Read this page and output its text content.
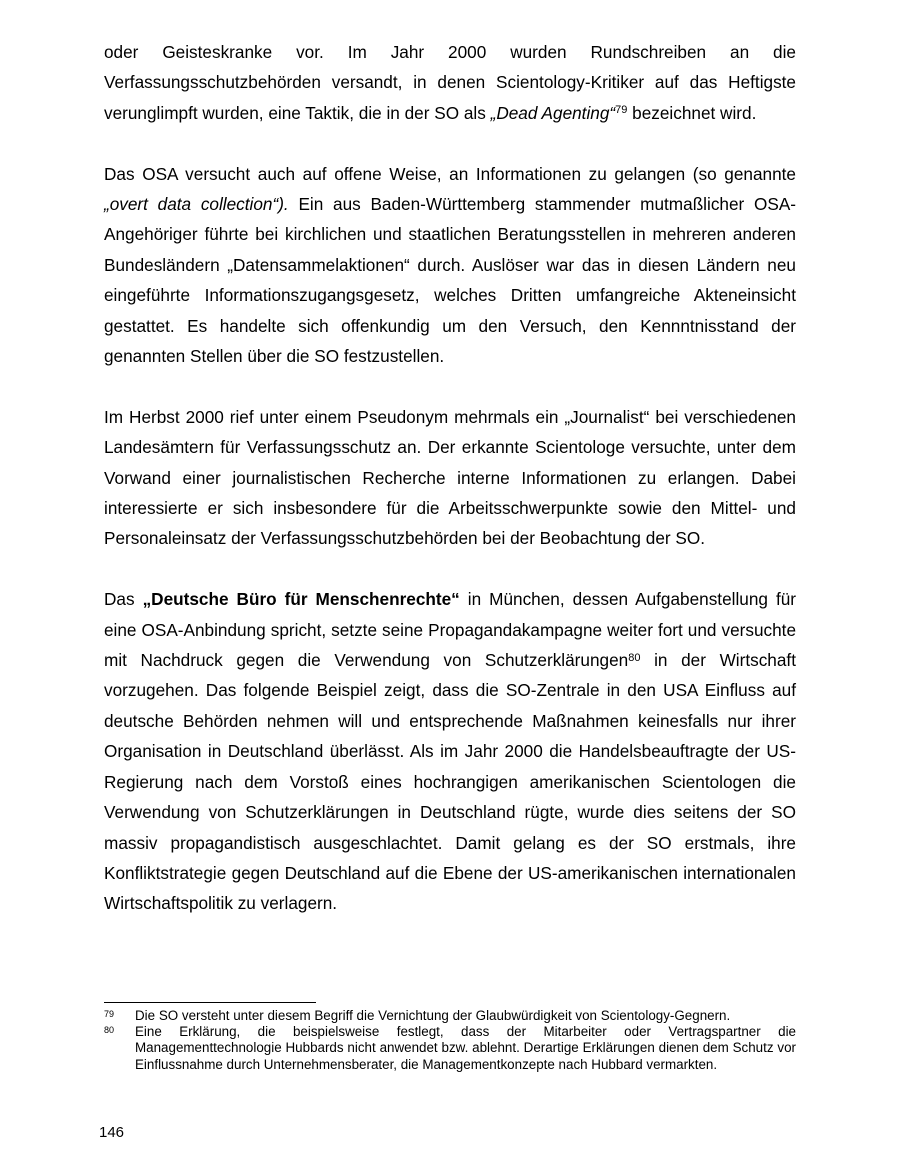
oder Geisteskranke vor. Im Jahr 2000 wurden Rundschreiben an die Verfassungsschutzbehörden versandt, in denen Scientology-Kritiker auf das Heftigste verunglimpft wurden, eine Taktik, die in der SO als „Dead Agenting“$^{79}$ bezeichnet wird.

Das OSA versucht auch auf offene Weise, an Informationen zu gelangen (so genannte „overt data collection“). Ein aus Baden-Württemberg stammender mutmaßlicher OSA-Angehöriger führte bei kirchlichen und staatlichen Beratungsstellen in mehreren anderen Bundesländern „Datensammelaktionen“ durch. Auslöser war das in diesen Ländern neu eingeführte Informationszugangsgesetz, welches Dritten umfangreiche Akteneinsicht gestattet. Es handelte sich offenkundig um den Versuch, den Kennntnisstand der genannten Stellen über die SO festzustellen.

Im Herbst 2000 rief unter einem Pseudonym mehrmals ein „Journalist“ bei verschiedenen Landesämtern für Verfassungsschutz an. Der erkannte Scientologe versuchte, unter dem Vorwand einer journalistischen Recherche interne Informationen zu erlangen. Dabei interessierte er sich insbesondere für die Arbeitsschwerpunkte sowie den Mittel- und Personaleinsatz der Verfassungsschutzbehörden bei der Beobachtung der SO.

Das „Deutsche Büro für Menschenrechte“ in München, dessen Aufgabenstellung für eine OSA-Anbindung spricht, setzte seine Propagandakampagne weiter fort und versuchte mit Nachdruck gegen die Verwendung von Schutzerklärungen$^{80}$ in der Wirtschaft vorzugehen. Das folgende Beispiel zeigt, dass die SO-Zentrale in den USA Einfluss auf deutsche Behörden nehmen will und entsprechende Maßnahmen keinesfalls nur ihrer Organisation in Deutschland überlässt. Als im Jahr 2000 die Handelsbeauftragte der US-Regierung nach dem Vorstoß eines hochrangigen amerikanischen Scientologen die Verwendung von Schutzerklärungen in Deutschland rügte, wurde dies seitens der SO massiv propagandistisch ausgeschlachtet. Damit gelang es der SO erstmals, ihre Konfliktstrategie gegen Deutschland auf die Ebene der US-amerikanischen internationalen Wirtschaftspolitik zu verlagern.

79	Die SO versteht unter diesem Begriff die Vernichtung der Glaubwürdigkeit von Scientology-Gegnern.
80	Eine Erklärung, die beispielsweise festlegt, dass der Mitarbeiter oder Vertragspartner die Managementtechnologie Hubbards nicht anwendet bzw. ablehnt. Derartige Erklärungen dienen dem Schutz vor Einflussnahme durch Unternehmensberater, die Managementkonzepte nach Hubbard vermarkten.
146
